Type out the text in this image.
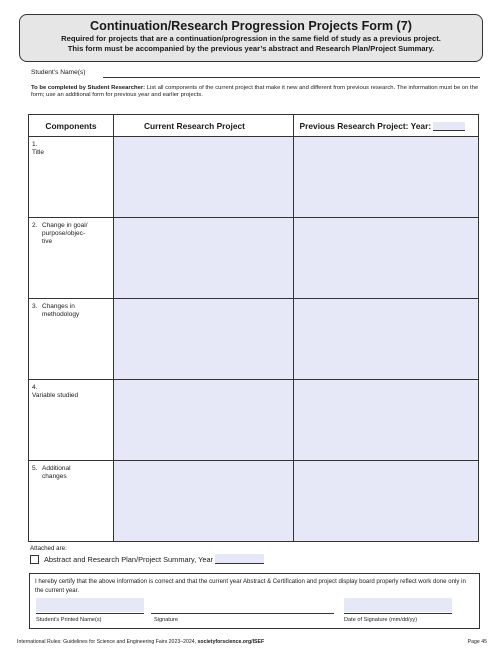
Continuation/Research Progression Projects Form (7)
Required for projects that are a continuation/progression in the same field of study as a previous project.
This form must be accompanied by the previous year’s abstract and Research Plan/Project Summary.
Student’s Name(s)
To be completed by Student Researcher: List all components of the current project that make it new and different from previous research. The information must be on the form; use an additional form for previous year and earlier projects.
Components	Current Research Project	Previous Research Project: Year:
1.Title		
2. Change in goal/ purpose/objec- tive		
3. Changes in methodology		
4.Variable studied		
5. Additional changes		
Attached are:
Abstract and Research Plan/Project Summary, Year
I hereby certify that the above information is correct and that the current year Abstract & Certification and project display board properly reflect work done only in the current year.
Student’s Printed Name(s)	Signature	Date of Signature (mm/dd/yy)
International Rules: Guidelines for Science and Engineering Fairs 2023–2024, societyforscience.org/ISEF	Page 45
